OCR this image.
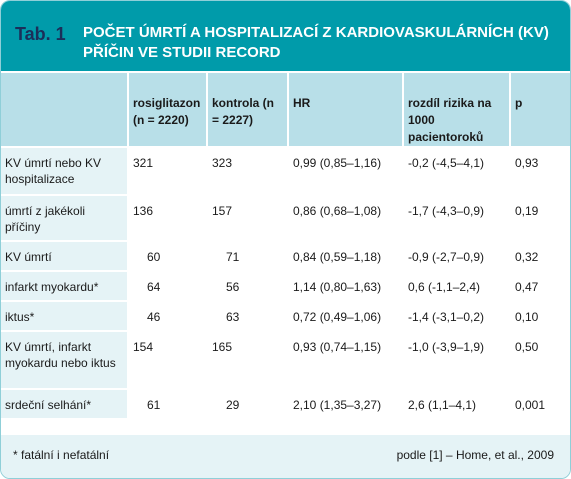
Tab. 1 POČET ÚMRTÍ A HOSPITALIZACÍ Z KARDIOVASKULÁRNÍCH (KV) PŘÍČIN VE STUDII RECORD
	rosiglitazon (n = 2220)	kontrola (n = 2227)	HR	rozdíl rizika na 1000 pacientoroků	p
KV úmrtí nebo KV hospitalizace	321	323	0,99 (0,85–1,16)	-0,2 (-4,5–4,1)	0,93
úmrtí z jakékoli příčiny	136	157	0,86 (0,68–1,08)	-1,7 (-4,3–0,9)	0,19
KV úmrtí	60	71	0,84 (0,59–1,18)	-0,9 (-2,7–0,9)	0,32
infarkt myokardu*	64	56	1,14 (0,80–1,63)	0,6 (-1,1–2,4)	0,47
iktus*	46	63	0,72 (0,49–1,06)	-1,4 (-3,1–0,2)	0,10
KV úmrtí, infarkt myokardu nebo iktus	154	165	0,93 (0,74–1,15)	-1,0 (-3,9–1,9)	0,50
srdeční selhání*	61	29	2,10 (1,35–3,27)	2,6 (1,1–4,1)	0,001
* fatální i nefatální	podle [1] – Home, et al., 2009
